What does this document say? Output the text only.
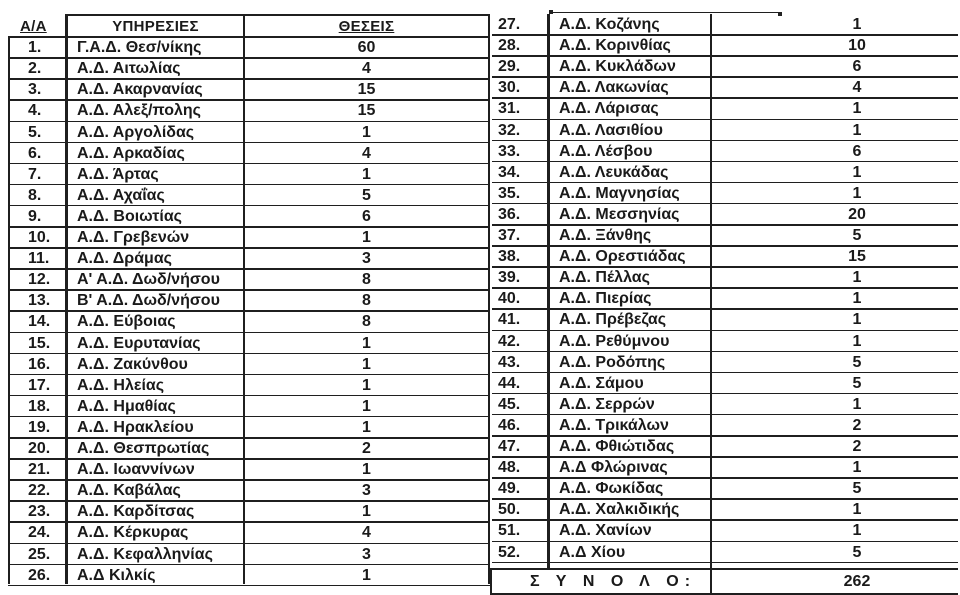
Α/Α	ΥΠΗΡΕΣΙΕΣ	ΘΕΣΕΙΣ
1.	Γ.Α.Δ. Θεσ/νίκης	60
2.	Α.Δ. Αιτωλίας	4
3.	Α.Δ. Ακαρνανίας	15
4.	Α.Δ. Αλεξ/πολης	15
5.	Α.Δ. Αργολίδας	1
6.	Α.Δ. Αρκαδίας	4
7.	Α.Δ. Άρτας	1
8.	Α.Δ. Αχαΐας	5
9.	Α.Δ. Βοιωτίας	6
10.	Α.Δ. Γρεβενών	1
11.	Α.Δ. Δράμας	3
12.	Α' Α.Δ. Δωδ/νήσου	8
13.	Β' Α.Δ. Δωδ/νήσου	8
14.	Α.Δ. Εύβοιας	8
15.	Α.Δ. Ευρυτανίας	1
16.	Α.Δ. Ζακύνθου	1
17.	Α.Δ. Ηλείας	1
18.	Α.Δ. Ημαθίας	1
19.	Α.Δ. Ηρακλείου	1
20.	Α.Δ. Θεσπρωτίας	2
21.	Α.Δ. Ιωαννίνων	1
22.	Α.Δ. Καβάλας	3
23.	Α.Δ. Καρδίτσας	1
24.	Α.Δ. Κέρκυρας	4
25.	Α.Δ. Κεφαλληνίας	3
26.	Α.Δ Κιλκίς	1
27.	Α.Δ. Κοζάνης	1
28.	Α.Δ. Κορινθίας	10
29.	Α.Δ. Κυκλάδων	6
30.	Α.Δ. Λακωνίας	4
31.	Α.Δ. Λάρισας	1
32.	Α.Δ. Λασιθίου	1
33.	Α.Δ. Λέσβου	6
34.	Α.Δ. Λευκάδας	1
35.	Α.Δ. Μαγνησίας	1
36.	Α.Δ. Μεσσηνίας	20
37.	Α.Δ. Ξάνθης	5
38.	Α.Δ. Ορεστιάδας	15
39.	Α.Δ. Πέλλας	1
40.	Α.Δ. Πιερίας	1
41.	Α.Δ. Πρέβεζας	1
42.	Α.Δ. Ρεθύμνου	1
43.	Α.Δ. Ροδόπης	5
44.	Α.Δ. Σάμου	5
45.	Α.Δ. Σερρών	1
46.	Α.Δ. Τρικάλων	2
47.	Α.Δ. Φθιώτιδας	2
48.	Α.Δ Φλώρινας	1
49.	Α.Δ. Φωκίδας	5
50.	Α.Δ. Χαλκιδικής	1
51.	Α.Δ. Χανίων	1
52.	Α.Δ Χίου	5
Σ Υ Ν Ο Λ Ο:	262
